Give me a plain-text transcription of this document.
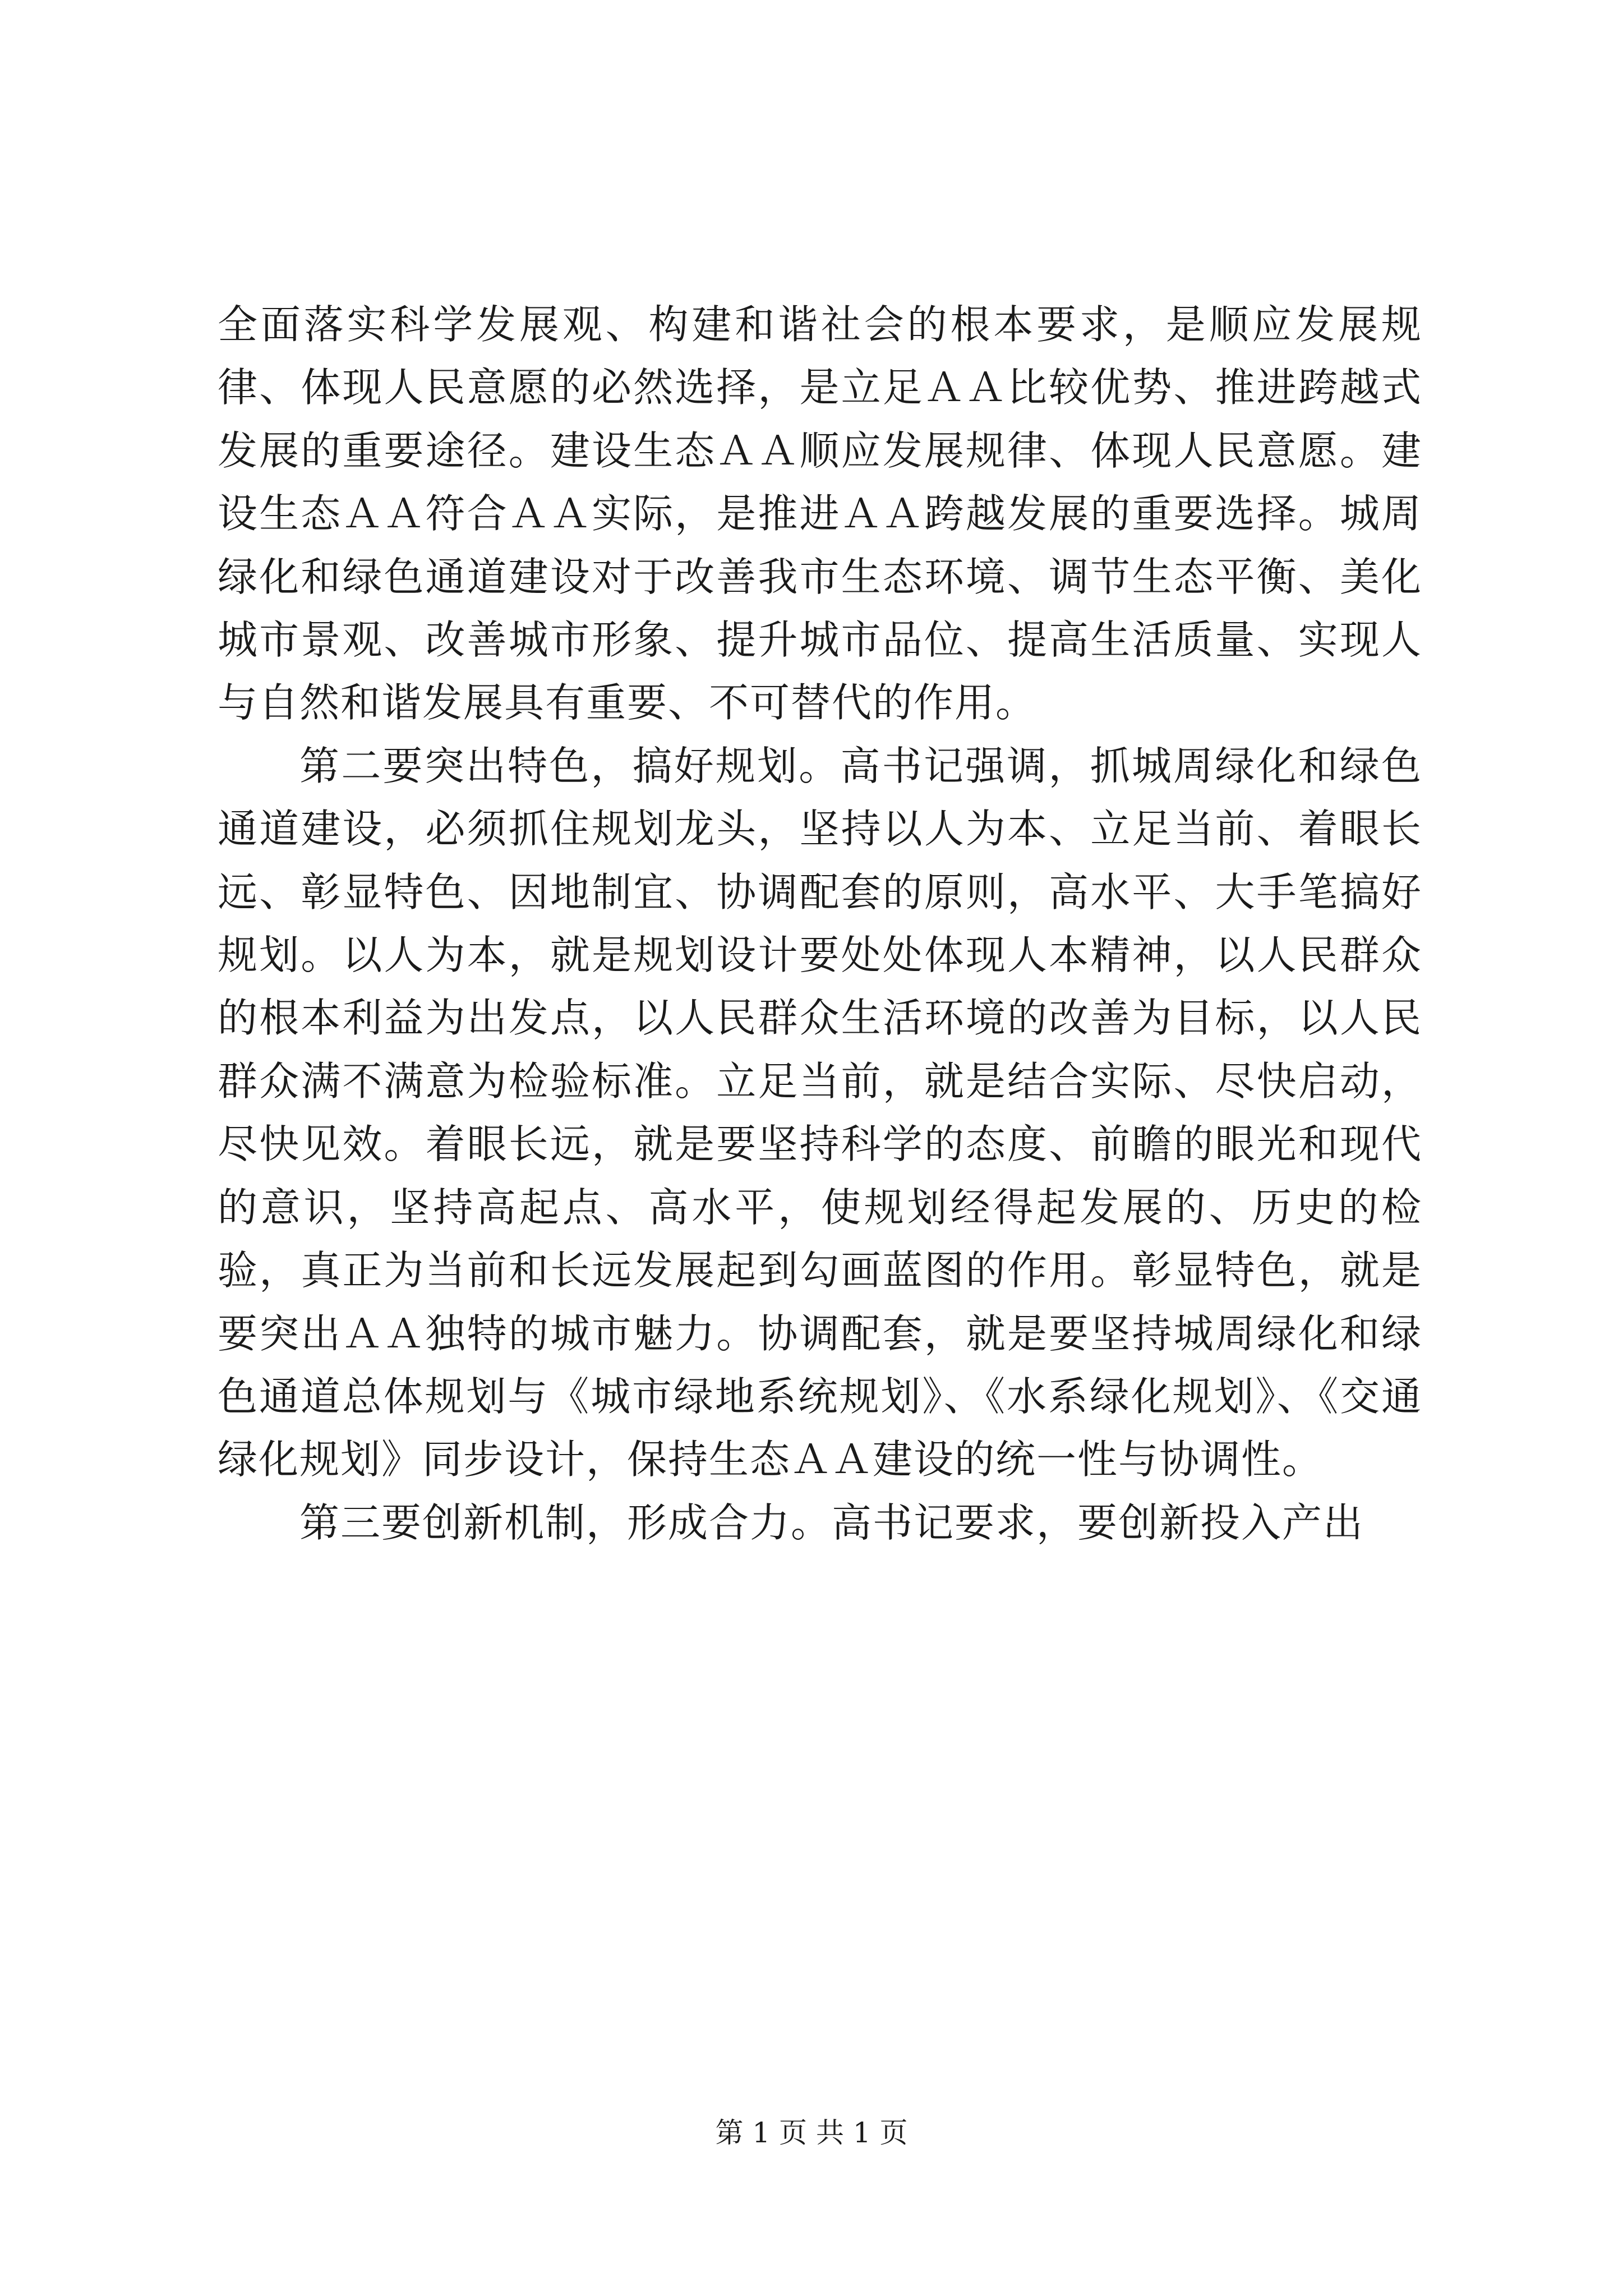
全面落实科学发展观、构建和谐社会的根本要求，是顺应发展规律、体现人民意愿的必然选择，是立足ＡＡ比较优势、推进跨越式发展的重要途径。建设生态ＡＡ顺应发展规律、体现人民意愿。建设生态ＡＡ符合ＡＡ实际，是推进ＡＡ跨越发展的重要选择。城周绿化和绿色通道建设对于改善我市生态环境、调节生态平衡、美化城市景观、改善城市形象、提升城市品位、提高生活质量、实现人与自然和谐发展具有重要、不可替代的作用。

第二要突出特色，搞好规划。高书记强调，抓城周绿化和绿色通道建设，必须抓住规划龙头，坚持以人为本、立足当前、着眼长远、彰显特色、因地制宜、协调配套的原则，高水平、大手笔搞好规划。以人为本，就是规划设计要处处体现人本精神，以人民群众的根本利益为出发点，以人民群众生活环境的改善为目标，以人民群众满不满意为检验标准。立足当前，就是结合实际、尽快启动，尽快见效。着眼长远，就是要坚持科学的态度、前瞻的眼光和现代的意识，坚持高起点、高水平，使规划经得起发展的、历史的检验，真正为当前和长远发展起到勾画蓝图的作用。彰显特色，就是要突出ＡＡ独特的城市魅力。协调配套，就是要坚持城周绿化和绿色通道总体规划与《城市绿地系统规划》、《水系绿化规划》、《交通绿化规划》同步设计，保持生态ＡＡ建设的统一性与协调性。

第三要创新机制，形成合力。高书记要求，要创新投入产出

第 1 页 共 1 页
